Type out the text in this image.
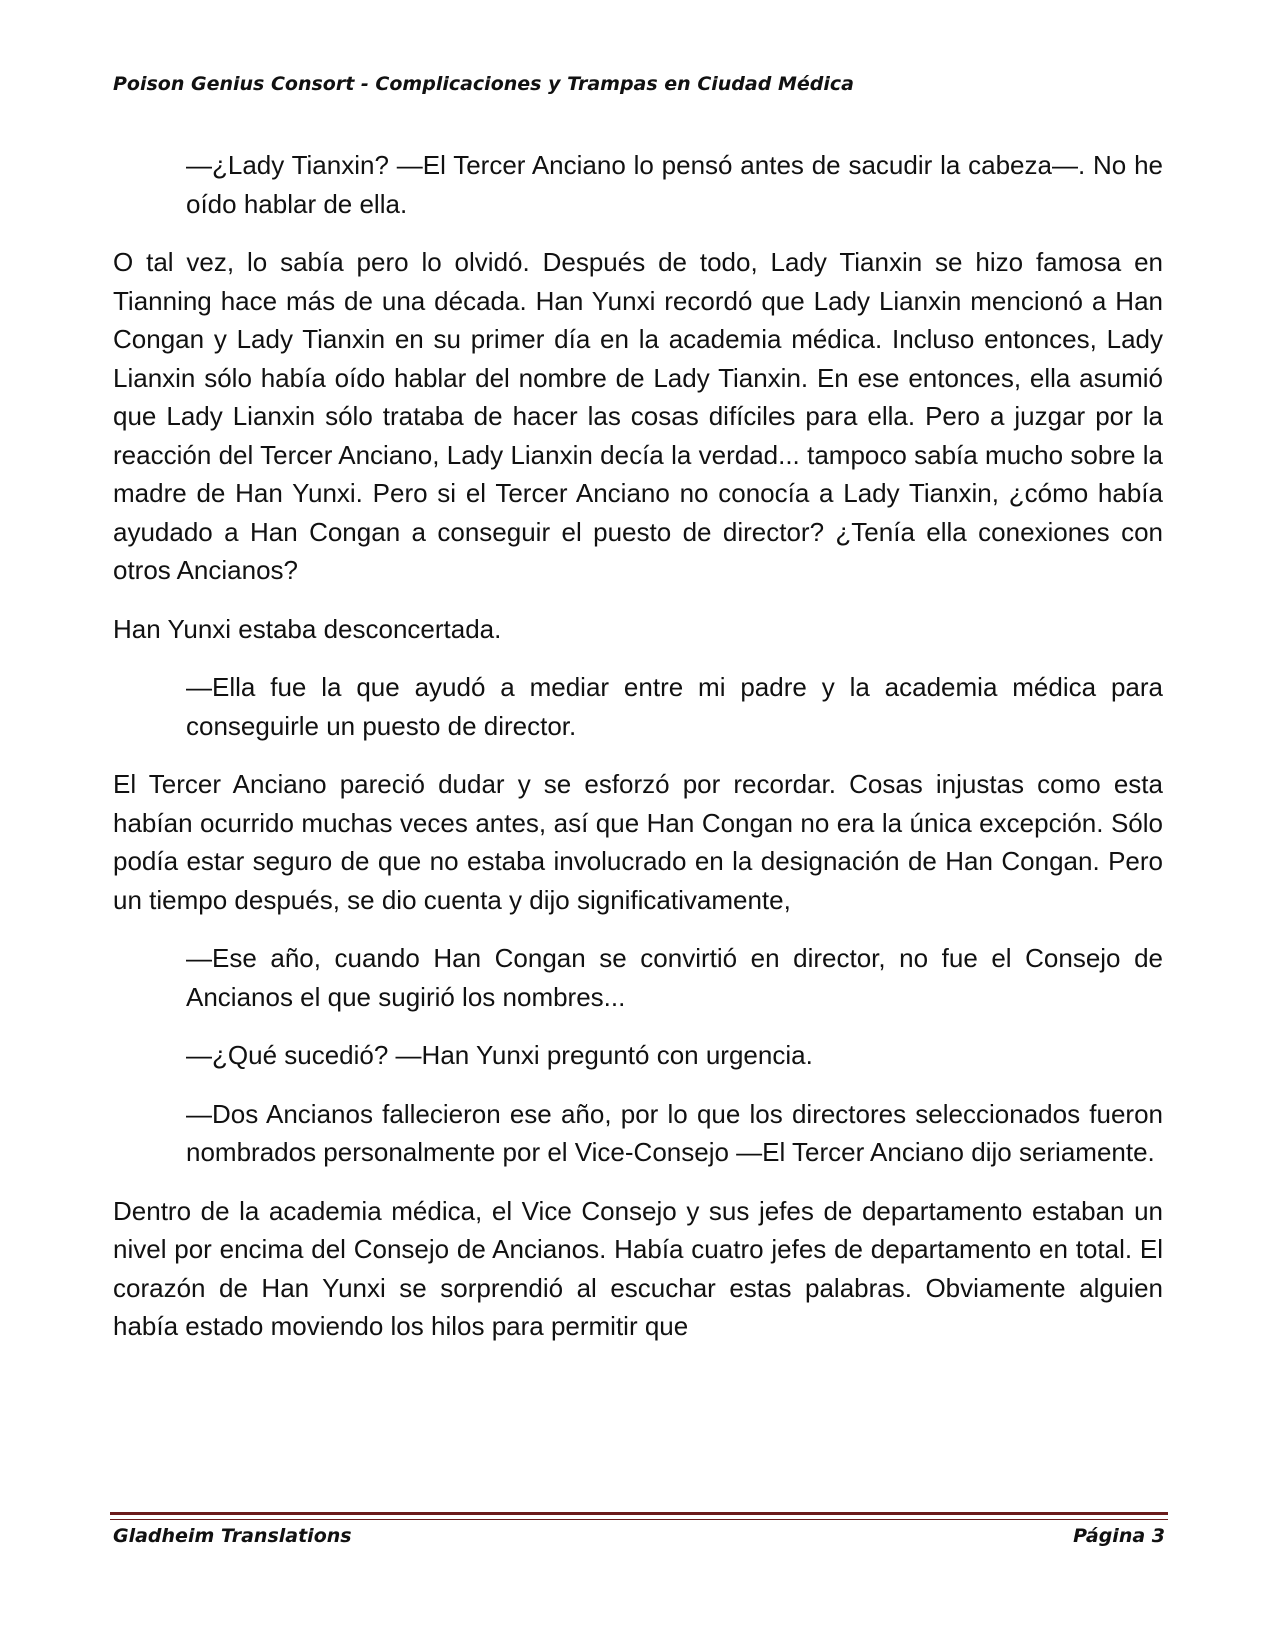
Poison Genius Consort - Complicaciones y Trampas en Ciudad Médica

—¿Lady Tianxin? —El Tercer Anciano lo pensó antes de sacudir la cabeza—. No he oído hablar de ella.

O tal vez, lo sabía pero lo olvidó. Después de todo, Lady Tianxin se hizo famosa en Tianning hace más de una década. Han Yunxi recordó que Lady Lianxin mencionó a Han Congan y Lady Tianxin en su primer día en la academia médica. Incluso entonces, Lady Lianxin sólo había oído hablar del nombre de Lady Tianxin. En ese entonces, ella asumió que Lady Lianxin sólo trataba de hacer las cosas difíciles para ella. Pero a juzgar por la reacción del Tercer Anciano, Lady Lianxin decía la verdad... tampoco sabía mucho sobre la madre de Han Yunxi. Pero si el Tercer Anciano no conocía a Lady Tianxin, ¿cómo había ayudado a Han Congan a conseguir el puesto de director? ¿Tenía ella conexiones con otros Ancianos?

Han Yunxi estaba desconcertada.

—Ella fue la que ayudó a mediar entre mi padre y la academia médica para conseguirle un puesto de director.

El Tercer Anciano pareció dudar y se esforzó por recordar. Cosas injustas como esta habían ocurrido muchas veces antes, así que Han Congan no era la única excepción. Sólo podía estar seguro de que no estaba involucrado en la designación de Han Congan. Pero un tiempo después, se dio cuenta y dijo significativamente,

—Ese año, cuando Han Congan se convirtió en director, no fue el Consejo de Ancianos el que sugirió los nombres...

—¿Qué sucedió? —Han Yunxi preguntó con urgencia.

—Dos Ancianos fallecieron ese año, por lo que los directores seleccionados fueron nombrados personalmente por el Vice-Consejo —El Tercer Anciano dijo seriamente.

Dentro de la academia médica, el Vice Consejo y sus jefes de departamento estaban un nivel por encima del Consejo de Ancianos. Había cuatro jefes de departamento en total. El corazón de Han Yunxi se sorprendió al escuchar estas palabras. Obviamente alguien había estado moviendo los hilos para permitir que

Gladheim Translations	Página 3
